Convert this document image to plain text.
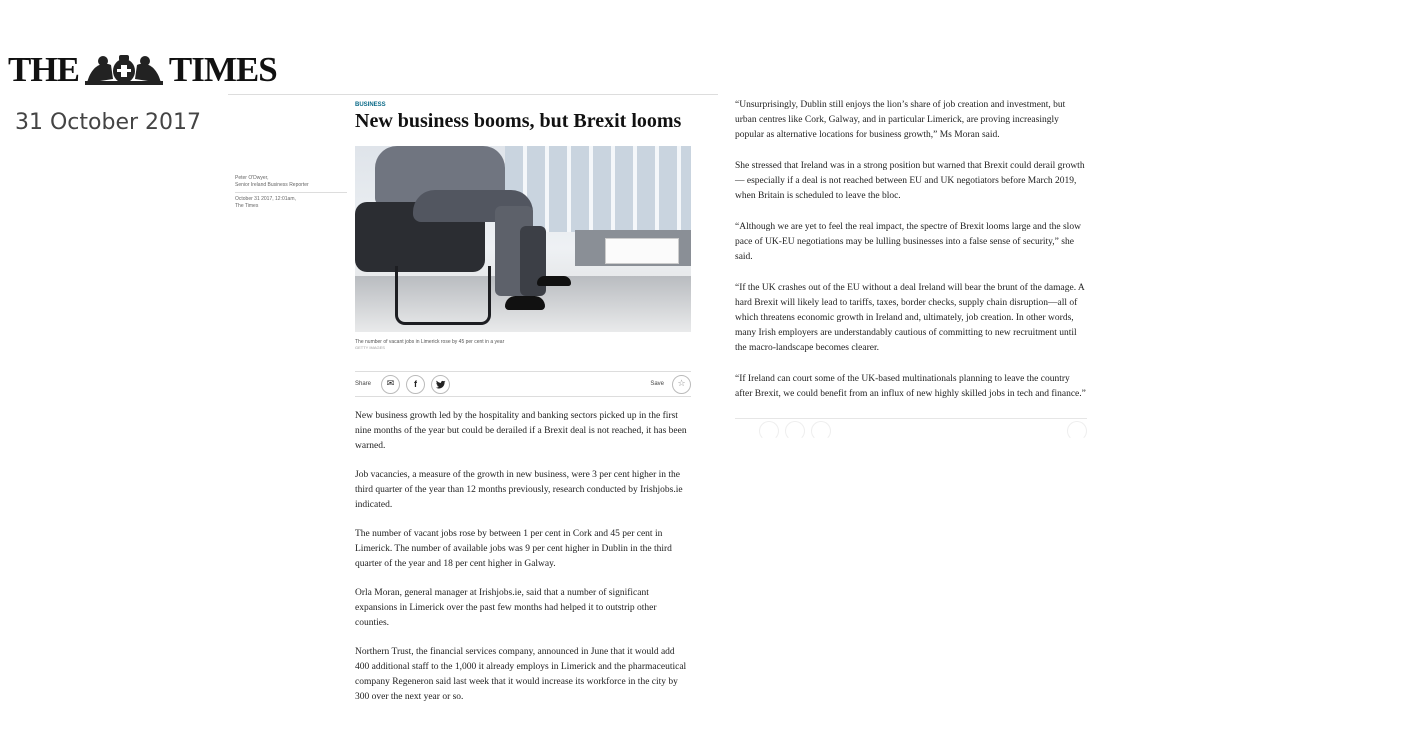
THE	TIMES
31 October 2017
Peter O'Dwyer,
Senior Ireland Business Reporter
October 31 2017, 12:01am,
The Times
BUSINESS
New business booms, but Brexit looms
The number of vacant jobs in Limerick rose by 45 per cent in a year
GETTY IMAGES
Share ✉ f	Save ☆

New business growth led by the hospitality and banking sectors picked up in the first nine months of the year but could be derailed if a Brexit deal is not reached, it has been warned.

Job vacancies, a measure of the growth in new business, were 3 per cent higher in the third quarter of the year than 12 months previously, research conducted by Irishjobs.ie indicated.

The number of vacant jobs rose by between 1 per cent in Cork and 45 per cent in Limerick. The number of available jobs was 9 per cent higher in Dublin in the third quarter of the year and 18 per cent higher in Galway.

Orla Moran, general manager at Irishjobs.ie, said that a number of significant expansions in Limerick over the past few months had helped it to outstrip other counties.

Northern Trust, the financial services company, announced in June that it would add 400 additional staff to the 1,000 it already employs in Limerick and the pharmaceutical company Regeneron said last week that it would increase its workforce in the city by 300 over the next year or so.

“Unsurprisingly, Dublin still enjoys the lion’s share of job creation and investment, but urban centres like Cork, Galway, and in particular Limerick, are proving increasingly popular as alternative locations for business growth,” Ms Moran said.

She stressed that Ireland was in a strong position but warned that Brexit could derail growth — especially if a deal is not reached between EU and UK negotiators before March 2019, when Britain is scheduled to leave the bloc.

“Although we are yet to feel the real impact, the spectre of Brexit looms large and the slow pace of UK-EU negotiations may be lulling businesses into a false sense of security,” she said.

“If the UK crashes out of the EU without a deal Ireland will bear the brunt of the damage. A hard Brexit will likely lead to tariffs, taxes, border checks, supply chain disruption—all of which threatens economic growth in Ireland and, ultimately, job creation. In other words, many Irish employers are understandably cautious of committing to new recruitment until the macro-landscape becomes clearer.

“If Ireland can court some of the UK-based multinationals planning to leave the country after Brexit, we could benefit from an influx of new highly skilled jobs in tech and finance.”
